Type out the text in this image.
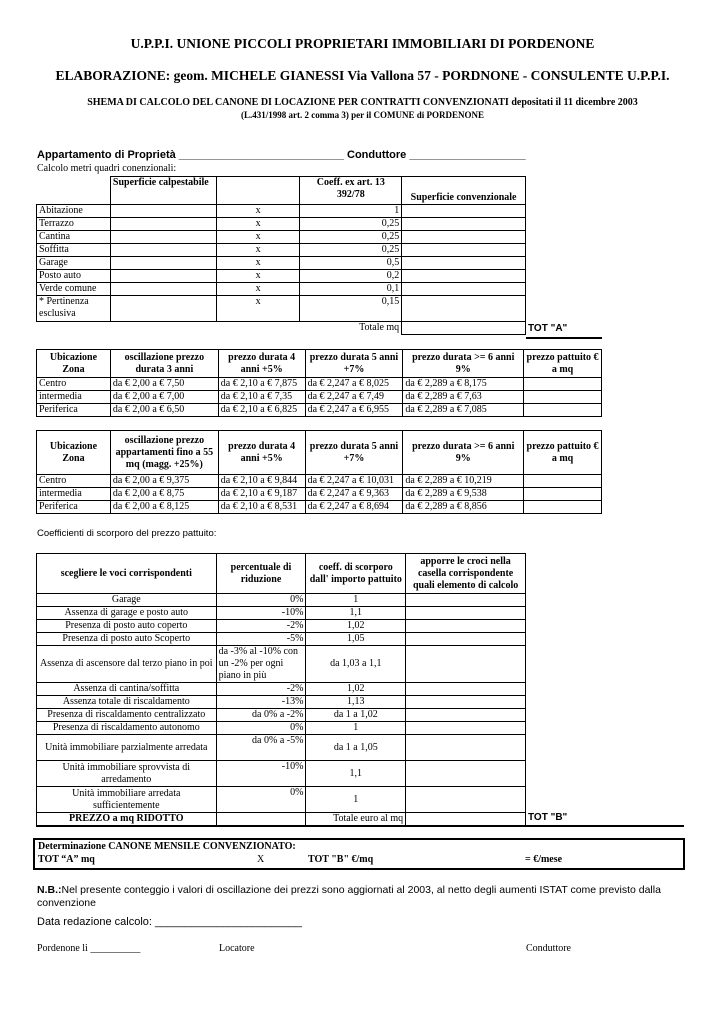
U.P.P.I. UNIONE PICCOLI PROPRIETARI IMMOBILIARI DI PORDENONE
ELABORAZIONE: geom. MICHELE GIANESSI Via Vallona 57 - PORDNONE - CONSULENTE U.P.P.I.
SHEMA DI CALCOLO DEL CANONE DI LOCAZIONE PER CONTRATTI CONVENZIONATI depositati il 11 dicembre 2003
(L.431/1998 art. 2 comma 3) per il COMUNE di PORDENONE
Appartamento di Proprietà ___________________________ Conduttore ___________________
Calcolo metri quadri conenzionali:
	Superficie calpestabile		Coeff. ex art. 13 392/78	Superficie convenzionale
Abitazione		x	1	
Terrazzo		x	0,25	
Cantina		x	0,25	
Soffitta		x	0,25	
Garage		x	0,5	
Posto auto		x	0,2	
Verde comune		x	0,1	
* Pertinenza esclusiva		x	0,15	
			Totale mq		TOT "A"
Ubicazione Zona	oscillazione prezzo durata 3 anni	prezzo durata 4 anni +5%	prezzo durata 5 anni +7%	prezzo durata >= 6 anni 9%	prezzo pattuito € a mq
Centro	da € 2,00 a € 7,50	da € 2,10 a € 7,875	da € 2,247 a € 8,025	da € 2,289 a € 8,175	
intermedia	da € 2,00 a € 7,00	da € 2,10 a € 7,35	da € 2,247 a € 7,49	da € 2,289 a € 7,63	
Periferica	da € 2,00 a € 6,50	da € 2,10 a € 6,825	da € 2,247 a € 6,955	da € 2,289 a € 7,085	
Ubicazione Zona	oscillazione prezzo appartamenti fino a 55 mq (magg. +25%)	prezzo durata 4 anni +5%	prezzo durata 5 anni +7%	prezzo durata >= 6 anni 9%	prezzo pattuito € a mq
Centro	da € 2,00 a € 9,375	da € 2,10 a € 9,844	da € 2,247 a € 10,031	da € 2,289 a € 10,219	
intermedia	da € 2,00 a € 8,75	da € 2,10 a € 9,187	da € 2,247 a € 9,363	da € 2,289 a € 9,538	
Periferica	da € 2,00 a € 8,125	da € 2,10 a € 8,531	da € 2,247 a € 8,694	da € 2,289 a € 8,856	
Coefficienti di scorporo del prezzo pattuito:
scegliere le voci corrispondenti	percentuale di riduzione	coeff. di scorporo dall' importo pattuito	apporre le croci nella casella corrispondente quali elemento di calcolo
Garage	0%	1	
Assenza di garage e posto auto	-10%	1,1	
Presenza di posto auto coperto	-2%	1,02	
Presenza di posto auto Scoperto	-5%	1,05	
Assenza di ascensore dal terzo piano in poi	da -3% al -10% con un -2% per ogni piano in più	da 1,03 a 1,1	
Assenza di cantina/soffitta	-2%	1,02	
Assenza totale di riscaldamento	-13%	1,13	
Presenza di riscaldamento centralizzato	da 0% a -2%	da 1 a 1,02	
Presenza di riscaldamento autonomo	0%	1	
Unità immobiliare parzialmente arredata	da 0% a -5%	da 1 a 1,05	
Unità immobiliare sprovvista di arredamento	-10%	1,1	
Unità immobiliare arredata sufficientemente	0%	1	
PREZZO a mq RIDOTTO		Totale euro al mq		TOT "B"
Determinazione CANONE MENSILE CONVENZIONATO:
TOT “A” mq	X	TOT "B" €/mq	= €/mese
N.B.:Nel presente conteggio i valori di oscillazione dei prezzi sono aggiornati al 2003, al netto degli aumenti ISTAT come previsto dalla convenzione
Data redazione calcolo: ________________________
Pordenone li __________	Locatore	Conduttore
